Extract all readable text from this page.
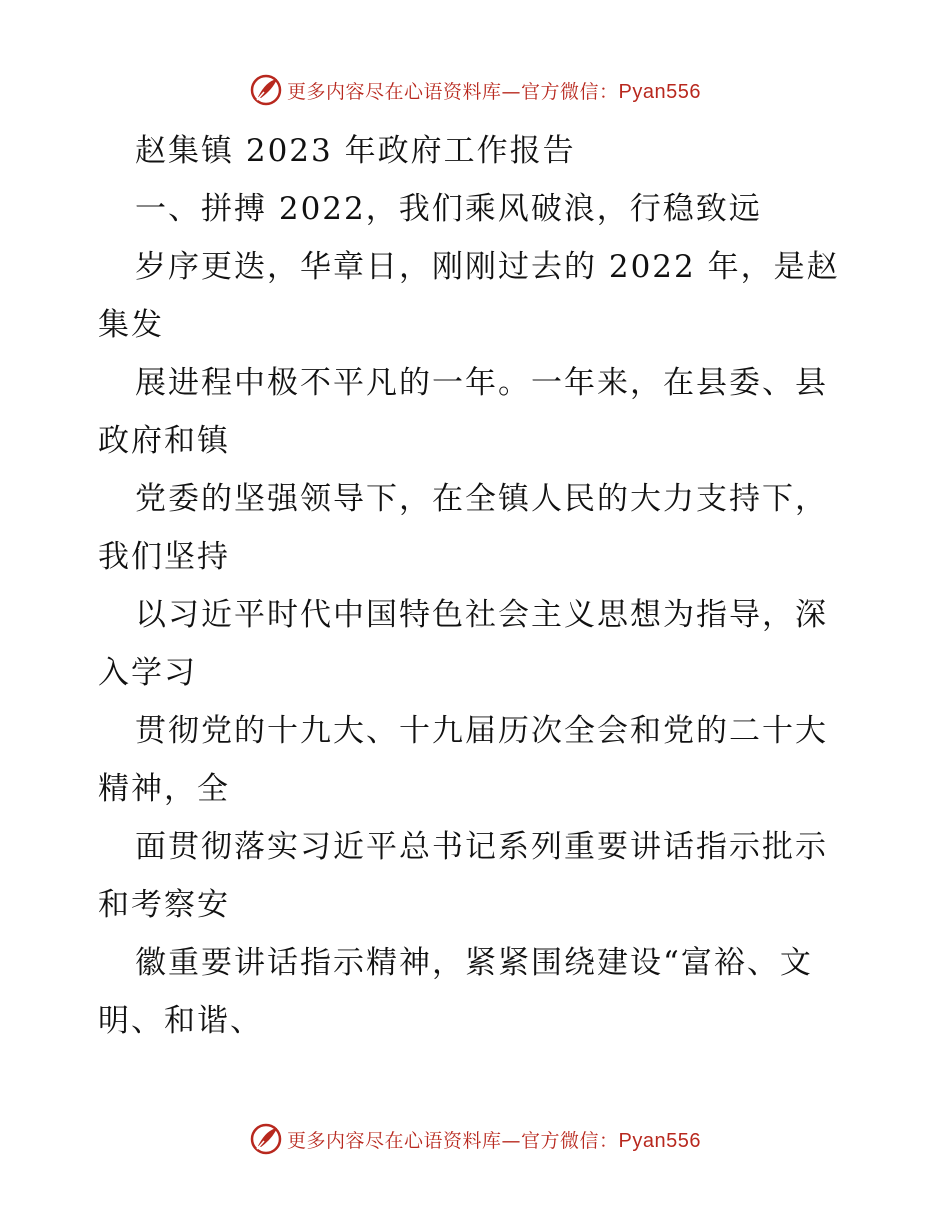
更多内容尽在心语资料库—官方微信：Pyan556
赵集镇 2023 年政府工作报告
一、拼搏 2022，我们乘风破浪，行稳致远
岁序更迭，华章日，刚刚过去的 2022 年，是赵
集发
展进程中极不平凡的一年。一年来，在县委、县
政府和镇
党委的坚强领导下，在全镇人民的大力支持下，
我们坚持
以习近平时代中国特色社会主义思想为指导，深
入学习
贯彻党的十九大、十九届历次全会和党的二十大
精神，全
面贯彻落实习近平总书记系列重要讲话指示批示
和考察安
徽重要讲话指示精神，紧紧围绕建设“富裕、文
明、和谐、
更多内容尽在心语资料库—官方微信：Pyan556
